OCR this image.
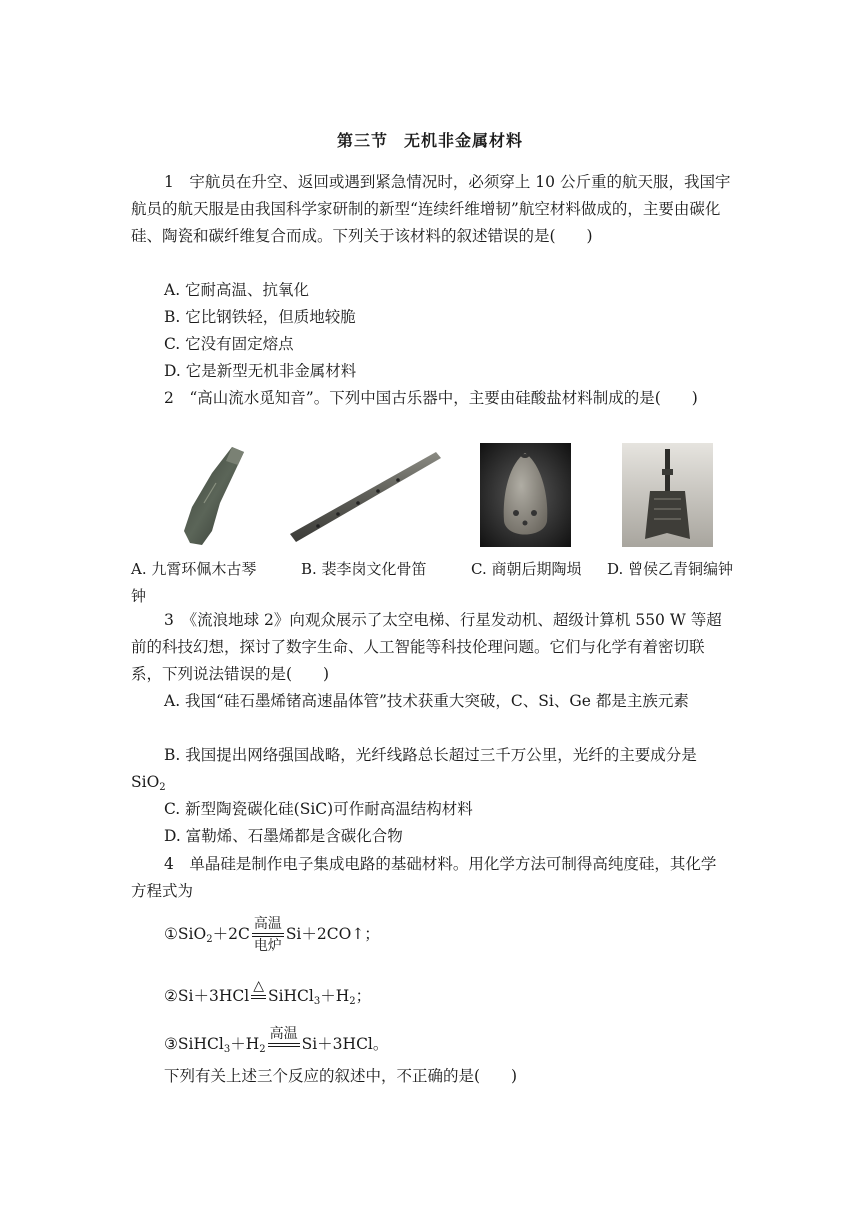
第三节 无机非金属材料
1　宇航员在升空、返回或遇到紧急情况时，必须穿上 10 公斤重的航天服，我国宇航员的航天服是由我国科学家研制的新型“连续纤维增韧”航空材料做成的，主要由碳化硅、陶瓷和碳纤维复合而成。下列关于该材料的叙述错误的是(　　)
A. 它耐高温、抗氧化
B. 它比钢铁轻，但质地较脆
C. 它没有固定熔点
D. 它是新型无机非金属材料
2　“高山流水觅知音”。下列中国古乐器中，主要由硅酸盐材料制成的是(　　)
A. 九霄环佩木古琴	B. 裴李岗文化骨笛	C. 商朝后期陶埙 D. 曾侯乙青铜编钟
钟
3　《流浪地球 2》向观众展示了太空电梯、行星发动机、超级计算机 550 W 等超前的科技幻想，探讨了数字生命、人工智能等科技伦理问题。它们与化学有着密切联系，下列说法错误的是(　　)
A. 我国“硅石墨烯锗高速晶体管”技术获重大突破，C、Si、Ge 都是主族元素
B. 我国提出网络强国战略，光纤线路总长超过三千万公里，光纤的主要成分是 SiO$_2$
C. 新型陶瓷碳化硅(SiC)可作耐高温结构材料
D. 富勒烯、石墨烯都是含碳化合物
4　单晶硅是制作电子集成电路的基础材料。用化学方法可制得高纯度硅，其化学方程式为
①SiO$_2$＋2C
高温
电炉
Si＋2CO↑；
②Si＋3HCl
△
$SiHCl_3+H_2$；
$③SiHCl_3+H_2$
高温
Si＋3HCl。
下列有关上述三个反应的叙述中，不正确的是(　　)
